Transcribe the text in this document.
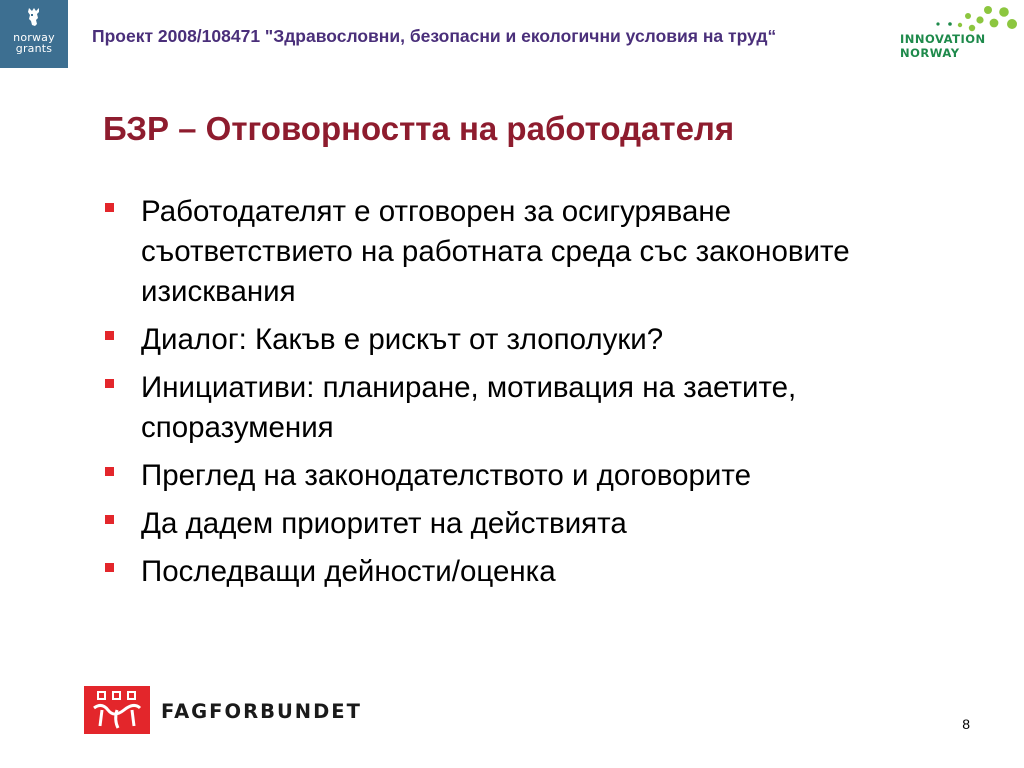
norway
grants
Проект 2008/108471 "Здравословни, безопасни и екологични условия на труд“	INNOVATION
NORWAY
БЗР – Отговорността на работодателя
Работодателят е отговорен за осигуряване съответствието на работната среда със законовите изисквания
Диалог: Какъв е рискът от злополуки?
Инициативи: планиране, мотивация на заетите, споразумения
Преглед на законодателството и договорите
Да дадем приоритет на действията
Последващи дейности/оценка
FAGFORBUNDET
8
